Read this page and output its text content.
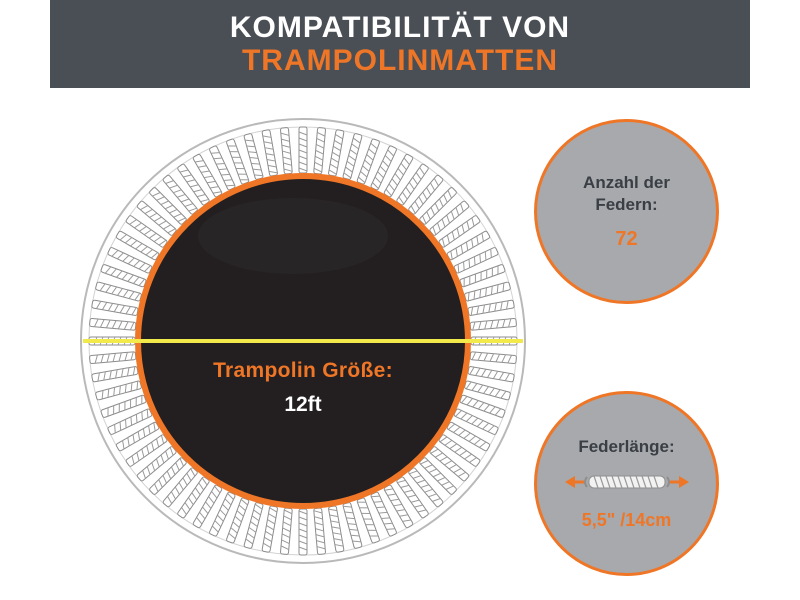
KOMPATIBILITÄT VON
TRAMPOLINMATTEN
Trampolin Größe:
12ft
Anzahl der
Federn:
72
Federlänge:
5,5" /14cm
